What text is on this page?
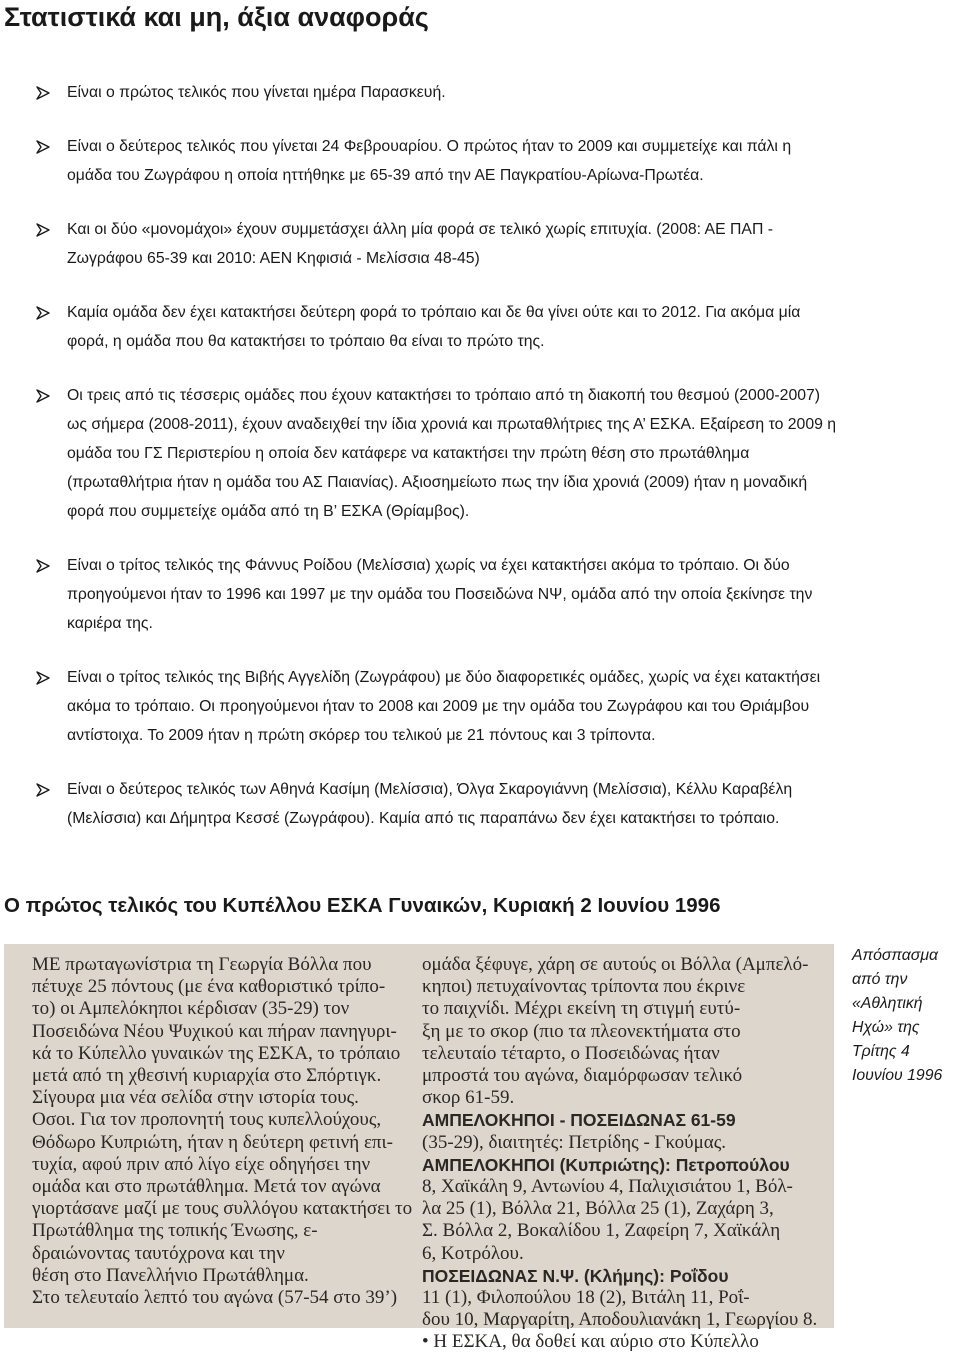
Στατιστικά και μη, άξια αναφοράς
Είναι ο πρώτος τελικός που γίνεται ημέρα Παρασκευή.
Είναι ο δεύτερος τελικός που γίνεται 24 Φεβρουαρίου. Ο πρώτος ήταν το 2009 και συμμετείχε και πάλι η
ομάδα του Ζωγράφου η οποία ηττήθηκε με 65-39 από την ΑΕ Παγκρατίου-Αρίωνα-Πρωτέα.
Και οι δύο «μονομάχοι» έχουν συμμετάσχει άλλη μία φορά σε τελικό χωρίς επιτυχία. (2008: ΑΕ ΠΑΠ -
Ζωγράφου 65-39 και 2010: ΑΕΝ Κηφισιά - Μελίσσια 48-45)
Καμία ομάδα δεν έχει κατακτήσει δεύτερη φορά το τρόπαιο και δε θα γίνει ούτε και το 2012. Για ακόμα μία
φορά, η ομάδα που θα κατακτήσει το τρόπαιο θα είναι το πρώτο της.
Οι τρεις από τις τέσσερις ομάδες που έχουν κατακτήσει το τρόπαιο από τη διακοπή του θεσμού (2000-2007)
ως σήμερα (2008-2011), έχουν αναδειχθεί την ίδια χρονιά και πρωταθλήτριες της Α’ ΕΣΚΑ. Εξαίρεση το 2009 η
ομάδα του ΓΣ Περιστερίου η οποία δεν κατάφερε να κατακτήσει την πρώτη θέση στο πρωτάθλημα
(πρωταθλήτρια ήταν η ομάδα του ΑΣ Παιανίας). Αξιοσημείωτο πως την ίδια χρονιά (2009) ήταν η μοναδική
φορά που συμμετείχε ομάδα από τη Β’ ΕΣΚΑ (Θρίαμβος).
Είναι ο τρίτος τελικός της Φάννυς Ροίδου (Μελίσσια) χωρίς να έχει κατακτήσει ακόμα το τρόπαιο. Οι δύο
προηγούμενοι ήταν το 1996 και 1997 με την ομάδα του Ποσειδώνα ΝΨ, ομάδα από την οποία ξεκίνησε την
καριέρα της.
Είναι ο τρίτος τελικός της Βιβής Αγγελίδη (Ζωγράφου) με δύο διαφορετικές ομάδες, χωρίς να έχει κατακτήσει
ακόμα το τρόπαιο. Οι προηγούμενοι ήταν το 2008 και 2009 με την ομάδα του Ζωγράφου και του Θριάμβου
αντίστοιχα. Το 2009 ήταν η πρώτη σκόρερ του τελικού με 21 πόντους και 3 τρίποντα.
Είναι ο δεύτερος τελικός των Αθηνά Κασίμη (Μελίσσια), Όλγα Σκαρογιάννη (Μελίσσια), Κέλλυ Καραβέλη
(Μελίσσια) και Δήμητρα Κεσσέ (Ζωγράφου). Καμία από τις παραπάνω δεν έχει κατακτήσει το τρόπαιο.
Ο πρώτος τελικός του Κυπέλλου ΕΣΚΑ Γυναικών, Κυριακή 2 Ιουνίου 1996
ΜΕ πρωταγωνίστρια τη Γεωργία Βόλλα που
πέτυχε 25 πόντους (με ένα καθοριστικό τρίπο-
το) οι Αμπελόκηποι κέρδισαν (35-29) τον
Ποσειδώνα Νέου Ψυχικού και πήραν πανηγυρι-
κά το Κύπελλο γυναικών της ΕΣΚΑ, το τρόπαιο
μετά από τη χθεσινή κυριαρχία στο Σπόρτιγκ.
Σίγουρα μια νέα σελίδα στην ιστορία τους.
Οσοι. Για τον προπονητή τους κυπελλούχους,
Θόδωρο Κυπριώτη, ήταν η δεύτερη φετινή επι-
τυχία, αφού πριν από λίγο είχε οδηγήσει την
ομάδα και στο πρωτάθλημα. Μετά τον αγώνα
γιορτάσανε μαζί με τους συλλόγου κατακτήσει το
Πρωτάθλημα της τοπικής Ένωσης, ε-
δραιώνοντας ταυτόχρονα και την
θέση στο Πανελλήνιο Πρωτάθλημα.
Στο τελευταίο λεπτό του αγώνα (57-54 στο 39’)
ομάδα ξέφυγε, χάρη σε αυτούς οι Βόλλα (Αμπελό-
κηποι) πετυχαίνοντας τρίποντα που έκρινε
το παιχνίδι. Μέχρι εκείνη τη στιγμή ευτύ-
ξη με το σκορ (πιο τα πλεονεκτήματα στο
τελευταίο τέταρτο, ο Ποσειδώνας ήταν
μπροστά του αγώνα, διαμόρφωσαν τελικό
σκορ 61-59.
ΑΜΠΕΛΟΚΗΠΟΙ - ΠΟΣΕΙΔΩΝΑΣ 61-59
(35-29), διαιτητές: Πετρίδης - Γκούμας.
ΑΜΠΕΛΟΚΗΠΟΙ (Κυπριώτης): Πετροπούλου
8, Χαϊκάλη 9, Αντωνίου 4, Παλιχισιάτου 1, Βόλ-
λα 25 (1), Βόλλα 21, Βόλλα 25 (1), Ζαχάρη 3,
Σ. Βόλλα 2, Βοκαλίδου 1, Ζαφείρη 7, Χαϊκάλη
6, Κοτρόλου.
ΠΟΣΕΙΔΩΝΑΣ Ν.Ψ. (Κλήμης): Ροΐδου
11 (1), Φιλοπούλου 18 (2), Βιτάλη 11, Ροΐ-
δου 10, Μαργαρίτη, Αποδουλιανάκη 1, Γεωργίου 8.
• Η ΕΣΚΑ, θα δοθεί και αύριο στο Κύπελλο

Απόσπασμα
από την
«Αθλητική
Ηχώ» της
Τρίτης 4
Ιουνίου 1996
